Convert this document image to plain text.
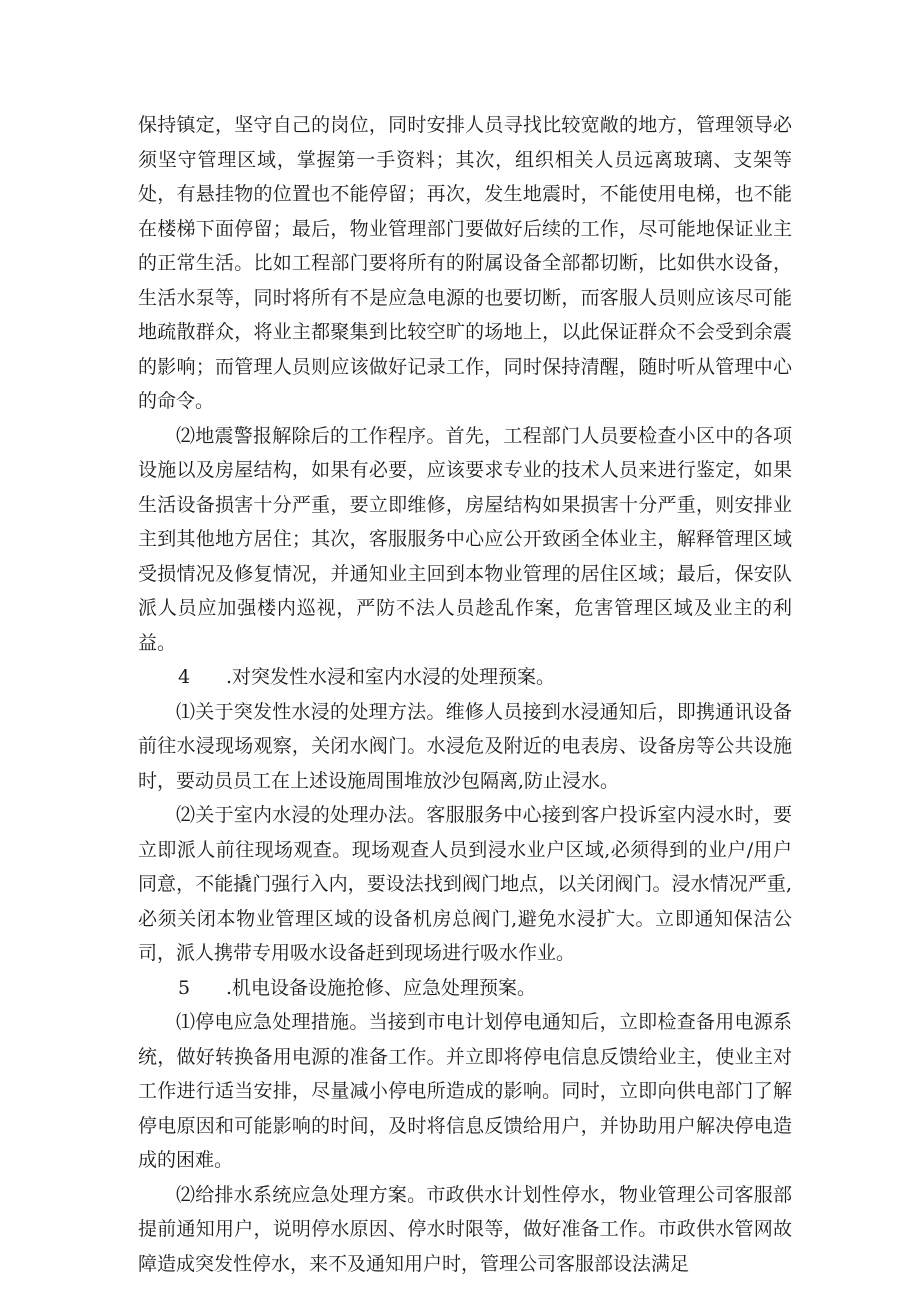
保持镇定，坚守自己的岗位，同时安排人员寻找比较宽敞的地方，管理领导必须坚守管理区域，掌握第一手资料；其次，组织相关人员远离玻璃、支架等处，有悬挂物的位置也不能停留；再次，发生地震时，不能使用电梯，也不能在楼梯下面停留；最后，物业管理部门要做好后续的工作，尽可能地保证业主的正常生活。比如工程部门要将所有的附属设备全部都切断，比如供水设备，生活水泵等，同时将所有不是应急电源的也要切断，而客服人员则应该尽可能地疏散群众，将业主都聚集到比较空旷的场地上，以此保证群众不会受到余震的影响；而管理人员则应该做好记录工作，同时保持清醒，随时听从管理中心的命令。

⑵地震警报解除后的工作程序。首先，工程部门人员要检查小区中的各项设施以及房屋结构，如果有必要，应该要求专业的技术人员来进行鉴定，如果生活设备损害十分严重，要立即维修，房屋结构如果损害十分严重，则安排业主到其他地方居住；其次，客服服务中心应公开致函全体业主，解释管理区域受损情况及修复情况，并通知业主回到本物业管理的居住区域；最后，保安队派人员应加强楼内巡视，严防不法人员趁乱作案，危害管理区域及业主的利益。

4 .对突发性水浸和室内水浸的处理预案。

⑴关于突发性水浸的处理方法。维修人员接到水浸通知后，即携通讯设备前往水浸现场观察，关闭水阀门。水浸危及附近的电表房、设备房等公共设施时，要动员员工在上述设施周围堆放沙包隔离,防止浸水。

⑵关于室内水浸的处理办法。客服服务中心接到客户投诉室内浸水时，要立即派人前往现场观查。现场观查人员到浸水业户区域,必须得到的业户/用户同意，不能撬门强行入内，要设法找到阀门地点，以关闭阀门。浸水情况严重,必须关闭本物业管理区域的设备机房总阀门,避免水浸扩大。立即通知保洁公司，派人携带专用吸水设备赶到现场进行吸水作业。

5 .机电设备设施抢修、应急处理预案。

⑴停电应急处理措施。当接到市电计划停电通知后，立即检查备用电源系统，做好转换备用电源的准备工作。并立即将停电信息反馈给业主，使业主对工作进行适当安排，尽量减小停电所造成的影响。同时，立即向供电部门了解停电原因和可能影响的时间，及时将信息反馈给用户，并协助用户解决停电造成的困难。

⑵给排水系统应急处理方案。市政供水计划性停水，物业管理公司客服部提前通知用户，说明停水原因、停水时限等，做好准备工作。市政供水管网故障造成突发性停水，来不及通知用户时，管理公司客服部设法满足
